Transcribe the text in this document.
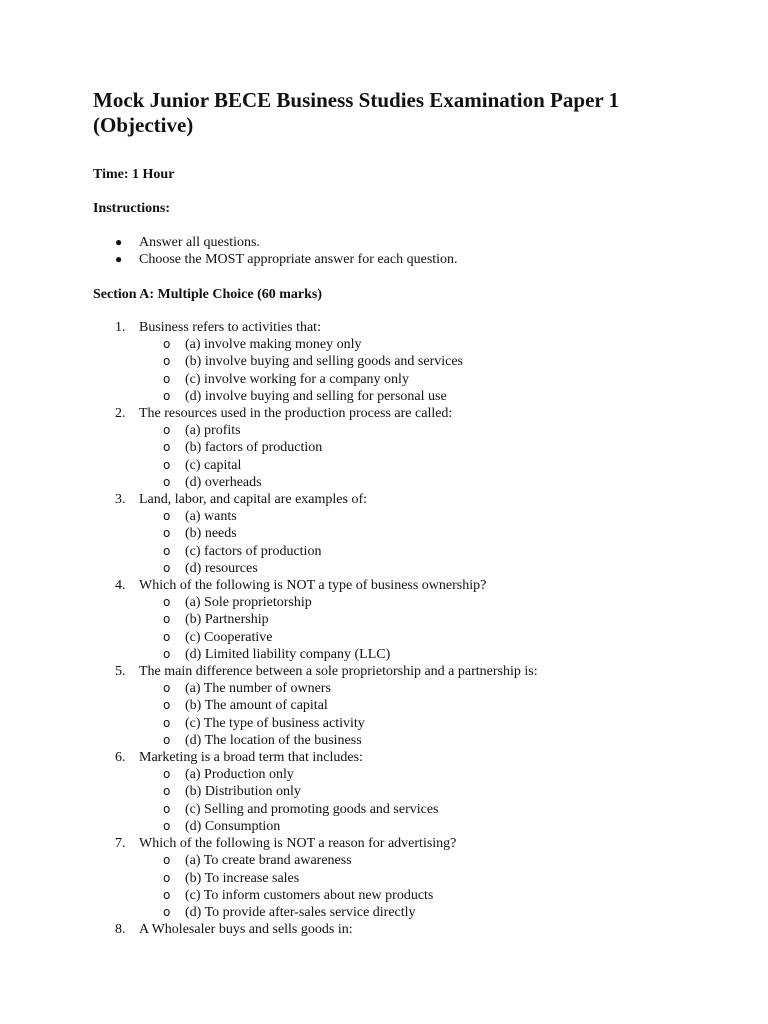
Mock Junior BECE Business Studies Examination Paper 1 (Objective)
Time: 1 Hour
Instructions:
● Answer all questions.
● Choose the MOST appropriate answer for each question.
Section A: Multiple Choice (60 marks)
1. Business refers to activities that:
o (a) involve making money only
o (b) involve buying and selling goods and services
o (c) involve working for a company only
o (d) involve buying and selling for personal use
2. The resources used in the production process are called:
o (a) profits
o (b) factors of production
o (c) capital
o (d) overheads
3. Land, labor, and capital are examples of:
o (a) wants
o (b) needs
o (c) factors of production
o (d) resources
4. Which of the following is NOT a type of business ownership?
o (a) Sole proprietorship
o (b) Partnership
o (c) Cooperative
o (d) Limited liability company (LLC)
5. The main difference between a sole proprietorship and a partnership is:
o (a) The number of owners
o (b) The amount of capital
o (c) The type of business activity
o (d) The location of the business
6. Marketing is a broad term that includes:
o (a) Production only
o (b) Distribution only
o (c) Selling and promoting goods and services
o (d) Consumption
7. Which of the following is NOT a reason for advertising?
o (a) To create brand awareness
o (b) To increase sales
o (c) To inform customers about new products
o (d) To provide after-sales service directly
8. A Wholesaler buys and sells goods in:
